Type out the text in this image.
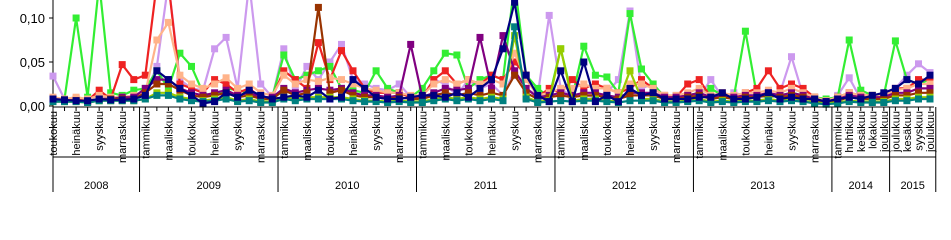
0,00
0,05
0,10
toukokuu heinäkuu syyskuu marraskuu tammikuu maaliskuu toukokuu heinäkuu syyskuu marraskuu tammikuu maaliskuu toukokuu heinäkuu syyskuu marraskuu tammikuu maaliskuu toukokuu heinäkuu syyskuu marraskuu tammikuu maaliskuu toukokuu heinäkuu syyskuu marraskuu tammikuu maaliskuu toukokuu heinäkuu syyskuu marraskuu tammikuu huhtikuu kesäkuu lokakuu joulukuu joulukuu kesäkuu syyskuu joulukuu
2008	2009	2010	2011	2012	2013	2014 2015
